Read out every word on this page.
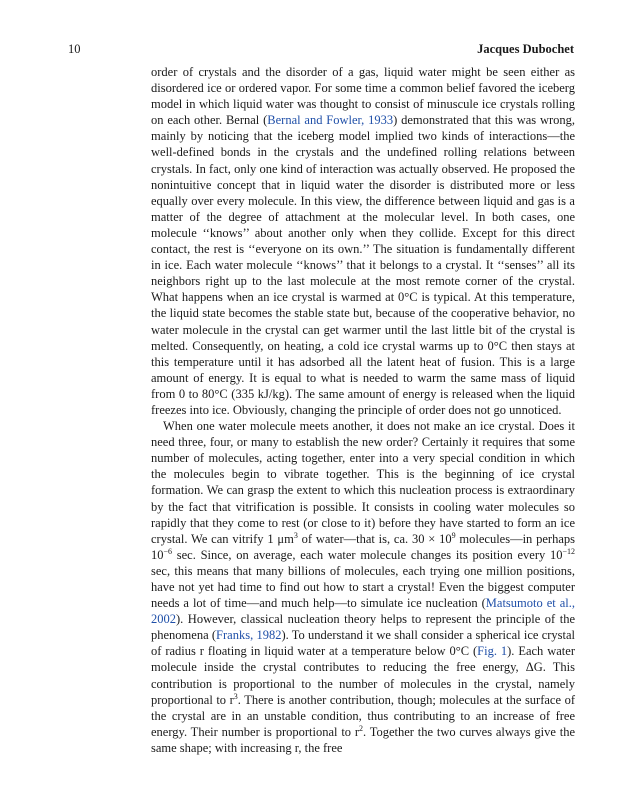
10	Jacques Dubochet

order of crystals and the disorder of a gas, liquid water might be seen either as disordered ice or ordered vapor. For some time a common belief favored the iceberg model in which liquid water was thought to consist of minuscule ice crystals rolling on each other. Bernal (Bernal and Fowler, 1933) demonstrated that this was wrong, mainly by noticing that the iceberg model implied two kinds of interactions—the well-defined bonds in the crystals and the undefined rolling relations between crystals. In fact, only one kind of interaction was actually observed. He proposed the nonintuitive concept that in liquid water the disorder is distributed more or less equally over every molecule. In this view, the difference between liquid and gas is a matter of the degree of attachment at the molecular level. In both cases, one molecule ‘‘knows’’ about another only when they collide. Except for this direct contact, the rest is ‘‘everyone on its own.’’ The situation is fundamentally different in ice. Each water molecule ‘‘knows’’ that it belongs to a crystal. It ‘‘senses’’ all its neighbors right up to the last molecule at the most remote corner of the crystal. What happens when an ice crystal is warmed at 0°C is typical. At this temperature, the liquid state becomes the stable state but, because of the cooperative behavior, no water molecule in the crystal can get warmer until the last little bit of the crystal is melted. Consequently, on heating, a cold ice crystal warms up to 0°C then stays at this temperature until it has adsorbed all the latent heat of fusion. This is a large amount of energy. It is equal to what is needed to warm the same mass of liquid from 0 to 80°C (335 kJ/kg). The same amount of energy is released when the liquid freezes into ice. Obviously, changing the principle of order does not go unnoticed.

When one water molecule meets another, it does not make an ice crystal. Does it need three, four, or many to establish the new order? Certainly it requires that some number of molecules, acting together, enter into a very special condition in which the molecules begin to vibrate together. This is the beginning of ice crystal formation. We can grasp the extent to which this nucleation process is extraordinary by the fact that vitrification is possible. It consists in cooling water molecules so rapidly that they come to rest (or close to it) before they have started to form an ice crystal. We can vitrify 1 $\mu m^3$ of water—that is, ca. $30 \times 10^9$ molecules—in perhaps $10^{-6}$ sec. Since, on average, each water molecule changes its position every $10^{-12}$ sec, this means that many billions of molecules, each trying one million positions, have not yet had time to find out how to start a crystal! Even the biggest computer needs a lot of time—and much help—to simulate ice nucleation (Matsumoto et al., 2002). However, classical nucleation theory helps to represent the principle of the phenomena (Franks, 1982). To understand it we shall consider a spherical ice crystal of radius r floating in liquid water at a temperature below 0°C (Fig. 1). Each water molecule inside the crystal contributes to reducing the free energy, ΔG. This contribution is proportional to the number of molecules in the crystal, namely proportional to $r^3$. There is another contribution, though; molecules at the surface of the crystal are in an unstable condition, thus contributing to an increase of free energy. Their number is proportional to $r^2$. Together the two curves always give the same shape; with increasing r, the free
